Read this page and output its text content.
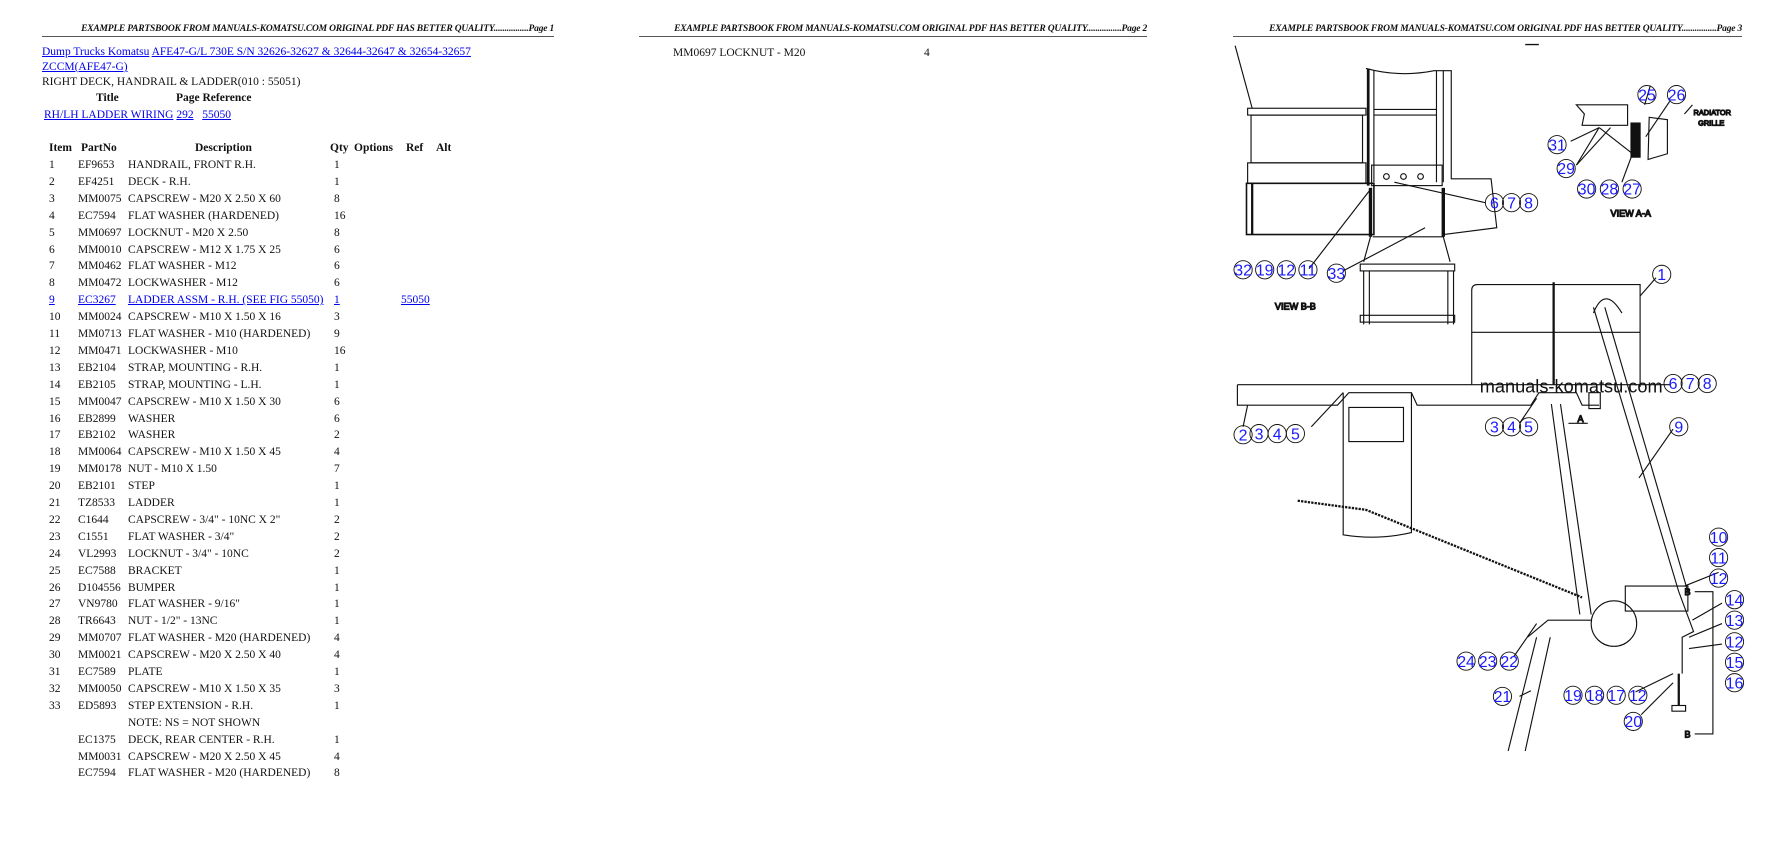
EXAMPLE PARTSBOOK FROM MANUALS-KOMATSU.COM ORIGINAL PDF HAS BETTER QUALITY................Page 1
Dump Trucks Komatsu AFE47-G/L 730E S/N 32626-32627 & 32644-32647 & 32654-32657
ZCCM(AFE47-G)
RIGHT DECK, HANDRAIL & LADDER(010 : 55051)
Title	Page Reference
RH/LH LADDER WIRING 292 55050
Item PartNo	Description	Qty Options Ref Alt
1 EF9653 HANDRAIL, FRONT R.H.	1
2 EF4251 DECK - R.H.	1
3 MM0075 CAPSCREW - M20 X 2.50 X 60	8
4 EC7594 FLAT WASHER (HARDENED)	16
5 MM0697 LOCKNUT - M20 X 2.50	8
6 MM0010 CAPSCREW - M12 X 1.75 X 25	6
7 MM0462 FLAT WASHER - M12	6
8 MM0472 LOCKWASHER - M12	6
9 EC3267 LADDER ASSM - R.H. (SEE FIG 55050) 1	55050
10 MM0024 CAPSCREW - M10 X 1.50 X 16	3
11 MM0713 FLAT WASHER - M10 (HARDENED) 9
12 MM0471 LOCKWASHER - M10	16
13 EB2104 STRAP, MOUNTING - R.H.	1
14 EB2105 STRAP, MOUNTING - L.H.	1
15 MM0047 CAPSCREW - M10 X 1.50 X 30	6
16 EB2899 WASHER	6
17 EB2102 WASHER	2
18 MM0064 CAPSCREW - M10 X 1.50 X 45	4
19 MM0178 NUT - M10 X 1.50	7
20 EB2101 STEP	1
21 TZ8533 LADDER	1
22 C1644 CAPSCREW - 3/4" - 10NC X 2"	2
23 C1551 FLAT WASHER - 3/4"	2
24 VL2993 LOCKNUT - 3/4" - 10NC	2
25 EC7588 BRACKET	1
26 D104556 BUMPER	1
27 VN9780 FLAT WASHER - 9/16"	1
28 TR6643 NUT - 1/2" - 13NC	1
29 MM0707 FLAT WASHER - M20 (HARDENED) 4
30 MM0021 CAPSCREW - M20 X 2.50 X 40	4
31 EC7589 PLATE	1
32 MM0050 CAPSCREW - M10 X 1.50 X 35	3
33 ED5893 STEP EXTENSION - R.H.	1
NOTE: NS = NOT SHOWN
EC1375 DECK, REAR CENTER - R.H.	1
MM0031 CAPSCREW - M20 X 2.50 X 45	4
EC7594 FLAT WASHER - M20 (HARDENED) 8
EXAMPLE PARTSBOOK FROM MANUALS-KOMATSU.COM ORIGINAL PDF HAS BETTER QUALITY................Page 2
MM0697 LOCKNUT - M20	4
EXAMPLE PARTSBOOK FROM MANUALS-KOMATSU.COM ORIGINAL PDF HAS BETTER QUALITY................Page 3
VIEW B-B
VIEW A-A
RADIATOR
GRILLE
A
B
B
manuals-komatsu.com
32 19 12 11 33
6 7 8
25 26
31
29
30 28 27
1
2 3 4 5	3 4 5	9
6 7 8
10
11
12
14
13
12
15
16
24 23 22
21	19 18 17 12
20
